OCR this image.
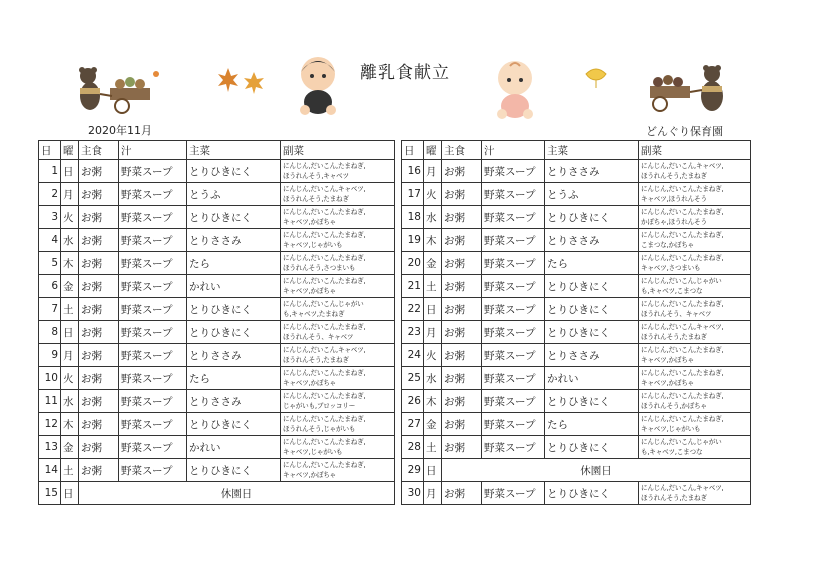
離乳食献立
2020年11月	どんぐり保育園
日	曜	主食	汁	主菜	副菜
1	日	お粥	野菜スープ	とりひきにく	にんじん,だいこん,たまねぎ,
ほうれんそう,キャベツ

2	月	お粥	野菜スープ	とうふ	にんじん,だいこん,キャベツ,
ほうれんそう,たまねぎ

3	火	お粥	野菜スープ	とりひきにく	にんじん,だいこん,たまねぎ,
キャベツ,かぼちゃ

4	水	お粥	野菜スープ	とりささみ	にんじん,だいこん,たまねぎ,
キャベツ,じゃがいも

5	木	お粥	野菜スープ	たら	にんじん,だいこん,たまねぎ,
ほうれんそう,さつまいも

6	金	お粥	野菜スープ	かれい	にんじん,だいこん,たまねぎ,
キャベツ,かぼちゃ

7	土	お粥	野菜スープ	とりひきにく	にんじん,だいこん,じゃがい
も,キャベツ,たまねぎ

8	日	お粥	野菜スープ	とりひきにく	にんじん,だいこん,たまねぎ,
ほうれんそう、キャベツ

9	月	お粥	野菜スープ	とりささみ	にんじん,だいこん,キャベツ,
ほうれんそう,たまねぎ

10	火	お粥	野菜スープ	たら	にんじん,だいこん,たまねぎ,
キャベツ,かぼちゃ

11	水	お粥	野菜スープ	とりささみ	にんじん,だいこん,たまねぎ,
じゃがいも,ブロッコリー

12	木	お粥	野菜スープ	とりひきにく	にんじん,だいこん,たまねぎ,
ほうれんそう,じゃがいも

13	金	お粥	野菜スープ	かれい	にんじん,だいこん,たまねぎ,
キャベツ,じゃがいも

14	土	お粥	野菜スープ	とりひきにく	にんじん,だいこん,たまねぎ,
キャベツ,かぼちゃ

15	日	休園日			
日	曜	主食	汁	主菜	副菜
16	月	お粥	野菜スープ	とりささみ	にんじん,だいこん,キャベツ,
ほうれんそう,たまねぎ

17	火	お粥	野菜スープ	とうふ	にんじん,だいこん,たまねぎ,
キャベツ,ほうれんそう

18	水	お粥	野菜スープ	とりひきにく	にんじん,だいこん,たまねぎ,
かぼちゃ,ほうれんそう

19	木	お粥	野菜スープ	とりささみ	にんじん,だいこん,たまねぎ,
こまつな,かぼちゃ

20	金	お粥	野菜スープ	たら	にんじん,だいこん,たまねぎ,
キャベツ,さつまいも

21	土	お粥	野菜スープ	とりひきにく	にんじん,だいこん,じゃがい
も,キャベツ,こまつな

22	日	お粥	野菜スープ	とりひきにく	にんじん,だいこん,たまねぎ,
ほうれんそう、キャベツ

23	月	お粥	野菜スープ	とりひきにく	にんじん,だいこん,キャベツ,
ほうれんそう,たまねぎ

24	火	お粥	野菜スープ	とりささみ	にんじん,だいこん,たまねぎ,
キャベツ,かぼちゃ

25	水	お粥	野菜スープ	かれい	にんじん,だいこん,たまねぎ,
キャベツ,かぼちゃ

26	木	お粥	野菜スープ	とりひきにく	にんじん,だいこん,たまねぎ,
ほうれんそう,かぼちゃ

27	金	お粥	野菜スープ	たら	にんじん,だいこん,たまねぎ,
キャベツ,じゃがいも

28	土	お粥	野菜スープ	とりひきにく	にんじん,だいこん,じゃがい
も,キャベツ,こまつな

29	日	休園日			
30	月	お粥	野菜スープ	とりひきにく	にんじん,だいこん,キャベツ,
ほうれんそう,たまねぎ
